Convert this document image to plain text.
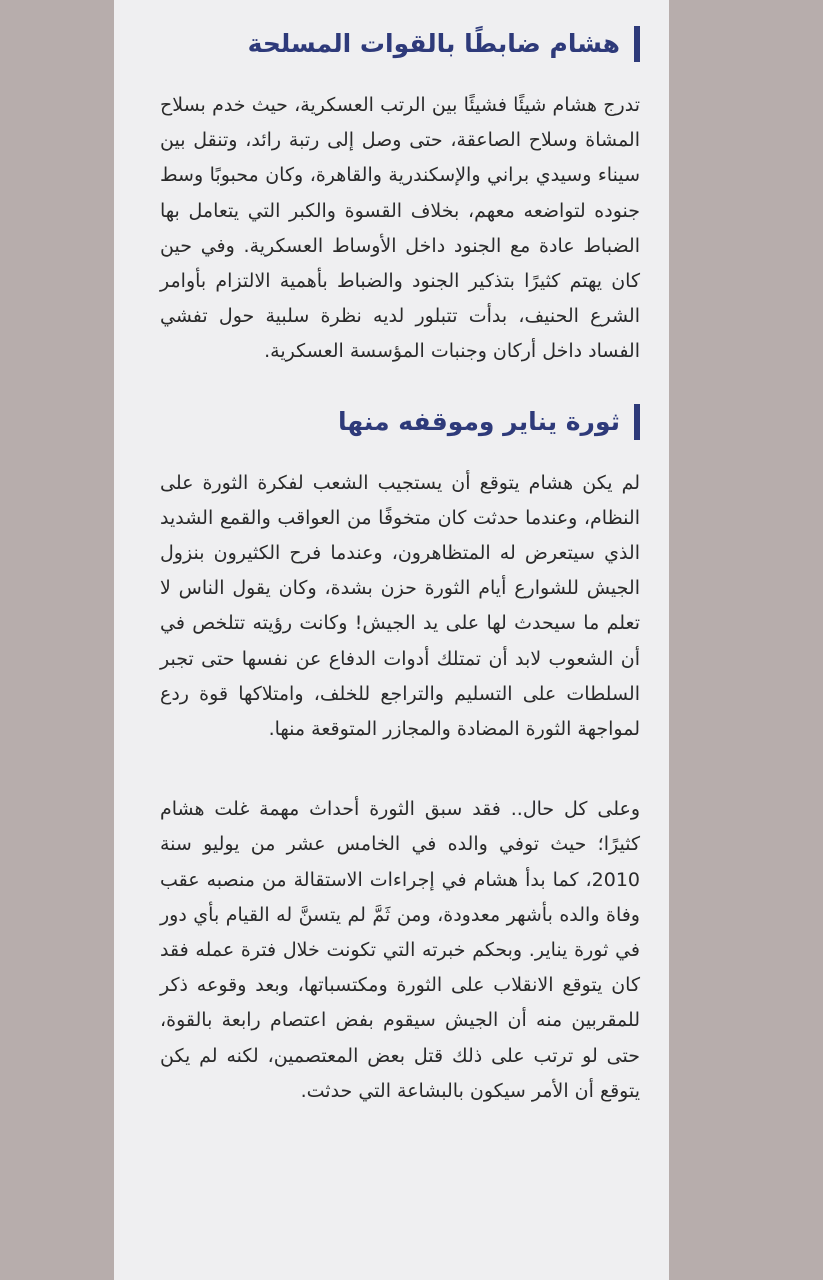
هشام ضابطًا بالقوات المسلحة

تدرج هشام شيئًا فشيئًا بين الرتب العسكرية، حيث خدم بسلاح المشاة وسلاح الصاعقة، حتى وصل إلى رتبة رائد، وتنقل بين سيناء وسيدي براني والإسكندرية والقاهرة، وكان محبوبًا وسط جنوده لتواضعه معهم، بخلاف القسوة والكبر التي يتعامل بها الضباط عادة مع الجنود داخل الأوساط العسكرية. وفي حين كان يهتم كثيرًا بتذكير الجنود والضباط بأهمية الالتزام بأوامر الشرع الحنيف، بدأت تتبلور لديه نظرة سلبية حول تفشي الفساد داخل أركان وجنبات المؤسسة العسكرية.

ثورة يناير وموقفه منها

لم يكن هشام يتوقع أن يستجيب الشعب لفكرة الثورة على النظام، وعندما حدثت كان متخوفًا من العواقب والقمع الشديد الذي سيتعرض له المتظاهرون، وعندما فرح الكثيرون بنزول الجيش للشوارع أيام الثورة حزن بشدة، وكان يقول الناس لا تعلم ما سيحدث لها على يد الجيش! وكانت رؤيته تتلخص في أن الشعوب لابد أن تمتلك أدوات الدفاع عن نفسها حتى تجبر السلطات على التسليم والتراجع للخلف، وامتلاكها قوة ردع لمواجهة الثورة المضادة والمجازر المتوقعة منها.

وعلى كل حال.. فقد سبق الثورة أحداث مهمة غلت هشام كثيرًا؛ حيث توفي والده في الخامس عشر من يوليو سنة 2010، كما بدأ هشام في إجراءات الاستقالة من منصبه عقب وفاة والده بأشهر معدودة، ومن ثَمَّ لم يتسنَّ له القيام بأي دور في ثورة يناير. وبحكم خبرته التي تكونت خلال فترة عمله فقد كان يتوقع الانقلاب على الثورة ومكتسباتها، وبعد وقوعه ذكر للمقربين منه أن الجيش سيقوم بفض اعتصام رابعة بالقوة، حتى لو ترتب على ذلك قتل بعض المعتصمين، لكنه لم يكن يتوقع أن الأمر سيكون بالبشاعة التي حدثت.
